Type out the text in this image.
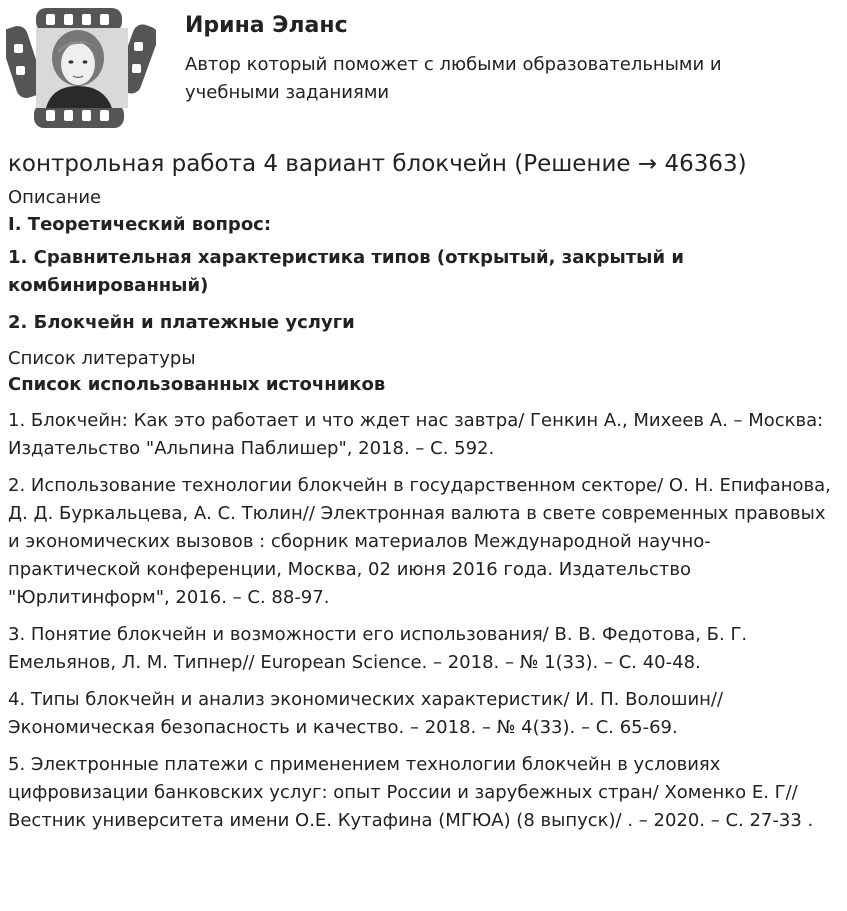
Ирина Эланс
Автор который поможет с любыми образовательными и учебными заданиями
контрольная работа 4 вариант блокчейн (Решение → 46363)
Описание
I. Теоретический вопрос:
1. Сравнительная характеристика типов (открытый, закрытый и комбинированный)
2. Блокчейн и платежные услуги
Список литературы
Список использованных источников
1. Блокчейн: Как это работает и что ждет нас завтра/ Генкин А., Михеев А. – Москва: Издательство "Альпина Паблишер", 2018. – С. 592.
2. Использование технологии блокчейн в государственном секторе/ О. Н. Епифанова, Д. Д. Буркальцева, А. С. Тюлин// Электронная валюта в свете современных правовых и экономических вызовов : сборник материалов Международной научно-практической конференции, Москва, 02 июня 2016 года. Издательство "Юрлитинформ", 2016. – С. 88-97.
3. Понятие блокчейн и возможности его использования/ В. В. Федотова, Б. Г. Емельянов, Л. М. Типнер// European Science. – 2018. – № 1(33). – С. 40-48.
4. Типы блокчейн и анализ экономических характеристик/ И. П. Волошин// Экономическая безопасность и качество. – 2018. – № 4(33). – С. 65-69.
5. Электронные платежи с применением технологии блокчейн в условиях цифровизации банковских услуг: опыт России и зарубежных стран/ Хоменко Е. Г// Вестник университета имени О.Е. Кутафина (МГЮА) (8 выпуск)/ . – 2020. – С. 27-33 .
